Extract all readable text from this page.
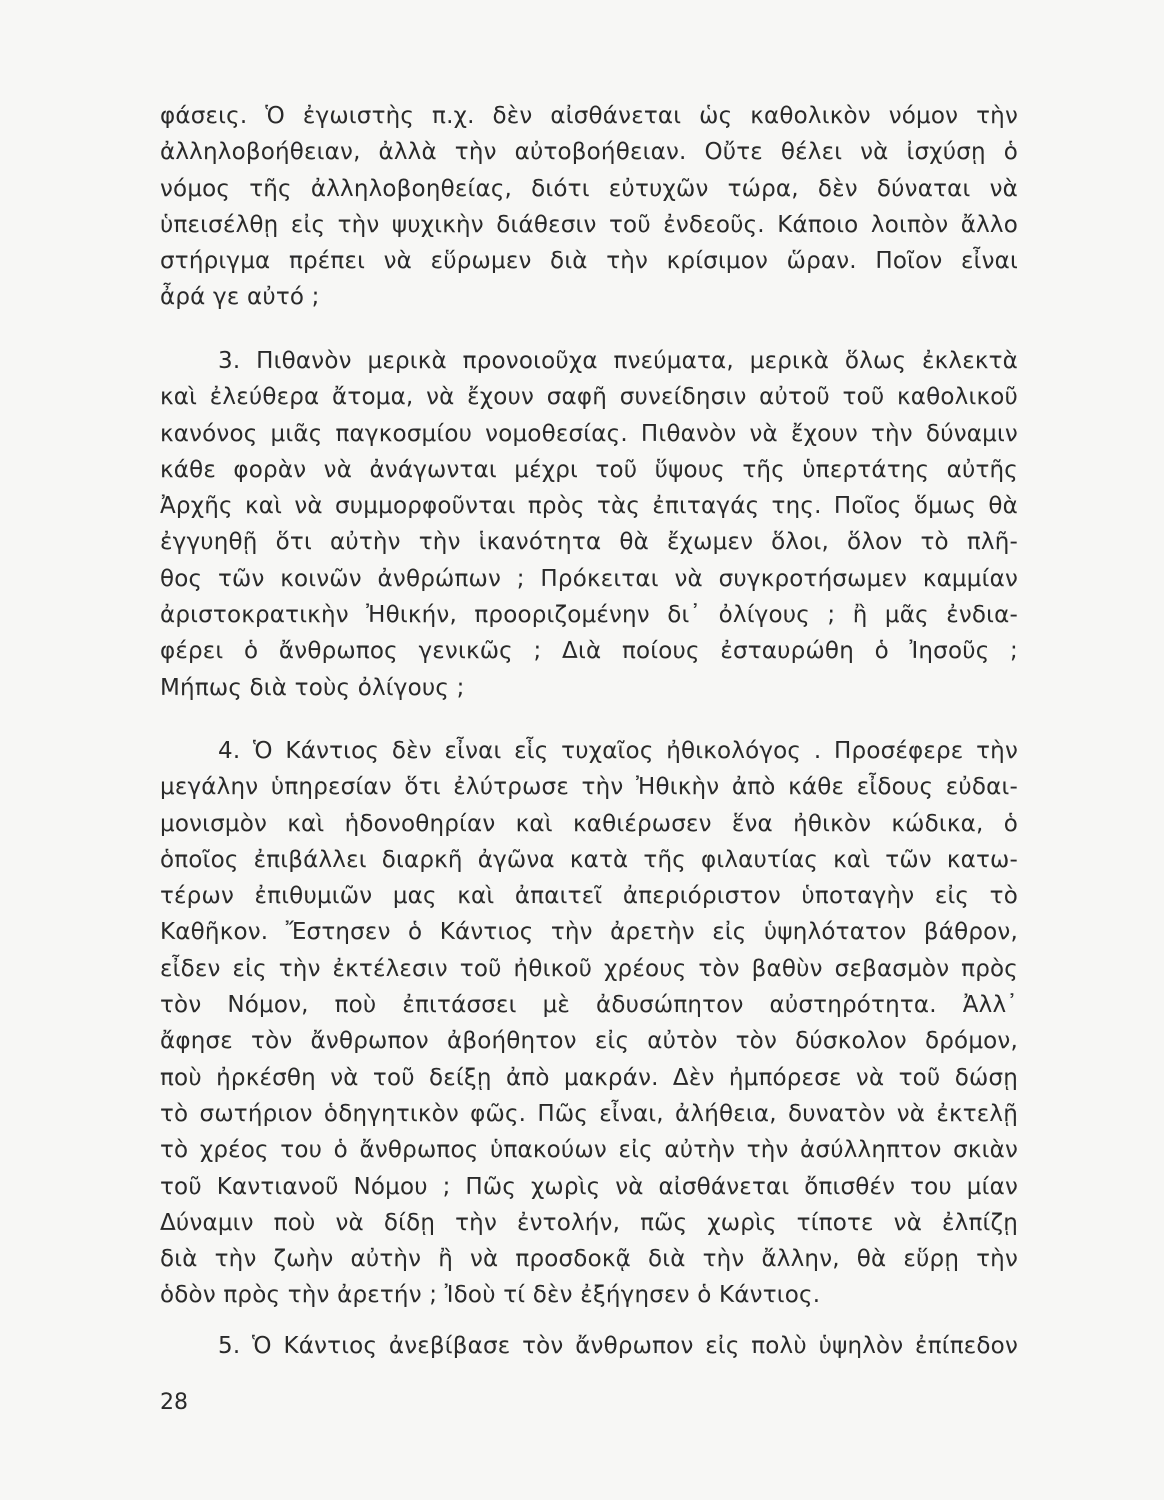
φάσεις. Ὁ ἐγωιστὴς π.χ. δὲν αἰσθάνεται ὡς καθολικὸν νόμον τὴν
ἀλληλοβοήθειαν, ἀλλὰ τὴν αὐτοβοήθειαν. Οὔτε θέλει νὰ ἰσχύσῃ ὁ
νόμος τῆς ἀλληλοβοηθείας, διότι εὐτυχῶν τώρα, δὲν δύναται νὰ
ὑπεισέλθῃ εἰς τὴν ψυχικὴν διάθεσιν τοῦ ἐνδεοῦς. Κάποιο λοιπὸν ἄλλο
στήριγμα πρέπει νὰ εὕρωμεν διὰ τὴν κρίσιμον ὥραν. Ποῖον εἶναι
ἆρά γε αὐτό ;
3. Πιθανὸν μερικὰ προνοιοῦχα πνεύματα, μερικὰ ὅλως ἐκλεκτὰ
καὶ ἐλεύθερα ἄτομα, νὰ ἔχουν σαφῆ συνείδησιν αὐτοῦ τοῦ καθολικοῦ
κανόνος μιᾶς παγκοσμίου νομοθεσίας. Πιθανὸν νὰ ἔχουν τὴν δύναμιν
κάθε φορὰν νὰ ἀνάγωνται μέχρι τοῦ ὕψους τῆς ὑπερτάτης αὐτῆς
Ἀρχῆς καὶ νὰ συμμορφοῦνται πρὸς τὰς ἐπιταγάς της. Ποῖος ὅμως θὰ
ἐγγυηθῇ ὅτι αὐτὴν τὴν ἱκανότητα θὰ ἔχωμεν ὅλοι, ὅλον τὸ πλῆ-
θος τῶν κοινῶν ἀνθρώπων ; Πρόκειται νὰ συγκροτήσωμεν καμμίαν
ἀριστοκρατικὴν Ἠθικήν, προοριζομένην δι᾿ ὀλίγους ; ἢ μᾶς ἐνδια-
φέρει ὁ ἄνθρωπος γενικῶς ; Διὰ ποίους ἐσταυρώθη ὁ Ἰησοῦς ;
Μήπως διὰ τοὺς ὀλίγους ;
4. Ὁ Κάντιος δὲν εἶναι εἷς τυχαῖος ἠθικολόγος . Προσέφερε τὴν
μεγάλην ὑπηρεσίαν ὅτι ἐλύτρωσε τὴν Ἠθικὴν ἀπὸ κάθε εἶδους εὐδαι-
μονισμὸν καὶ ἡδονοθηρίαν καὶ καθιέρωσεν ἕνα ἠθικὸν κώδικα, ὁ
ὁποῖος ἐπιβάλλει διαρκῆ ἀγῶνα κατὰ τῆς φιλαυτίας καὶ τῶν κατω-
τέρων ἐπιθυμιῶν μας καὶ ἀπαιτεῖ ἀπεριόριστον ὑποταγὴν εἰς τὸ
Καθῆκον. Ἔστησεν ὁ Κάντιος τὴν ἀρετὴν εἰς ὑψηλότατον βάθρον,
εἶδεν εἰς τὴν ἐκτέλεσιν τοῦ ἠθικοῦ χρέους τὸν βαθὺν σεβασμὸν πρὸς
τὸν Νόμον, ποὺ ἐπιτάσσει μὲ ἀδυσώπητον αὐστηρότητα. Ἀλλ᾿
ἄφησε τὸν ἄνθρωπον ἀβοήθητον εἰς αὐτὸν τὸν δύσκολον δρόμον,
ποὺ ἠρκέσθη νὰ τοῦ δείξῃ ἀπὸ μακράν. Δὲν ἠμπόρεσε νὰ τοῦ δώσῃ
τὸ σωτήριον ὁδηγητικὸν φῶς. Πῶς εἶναι, ἀλήθεια, δυνατὸν νὰ ἐκτελῇ
τὸ χρέος του ὁ ἄνθρωπος ὑπακούων εἰς αὐτὴν τὴν ἀσύλληπτον σκιὰν
τοῦ Καντιανοῦ Νόμου ; Πῶς χωρὶς νὰ αἰσθάνεται ὄπισθέν του μίαν
Δύναμιν ποὺ νὰ δίδῃ τὴν ἐντολήν, πῶς χωρὶς τίποτε νὰ ἐλπίζῃ
διὰ τὴν ζωὴν αὐτὴν ἢ νὰ προσδοκᾷ διὰ τὴν ἄλλην, θὰ εὕρῃ τὴν
ὁδὸν πρὸς τὴν ἀρετήν ; Ἰδοὺ τί δὲν ἐξήγησεν ὁ Κάντιος.
5. Ὁ Κάντιος ἀνεβίβασε τὸν ἄνθρωπον εἰς πολὺ ὑψηλὸν ἐπίπεδον
28
